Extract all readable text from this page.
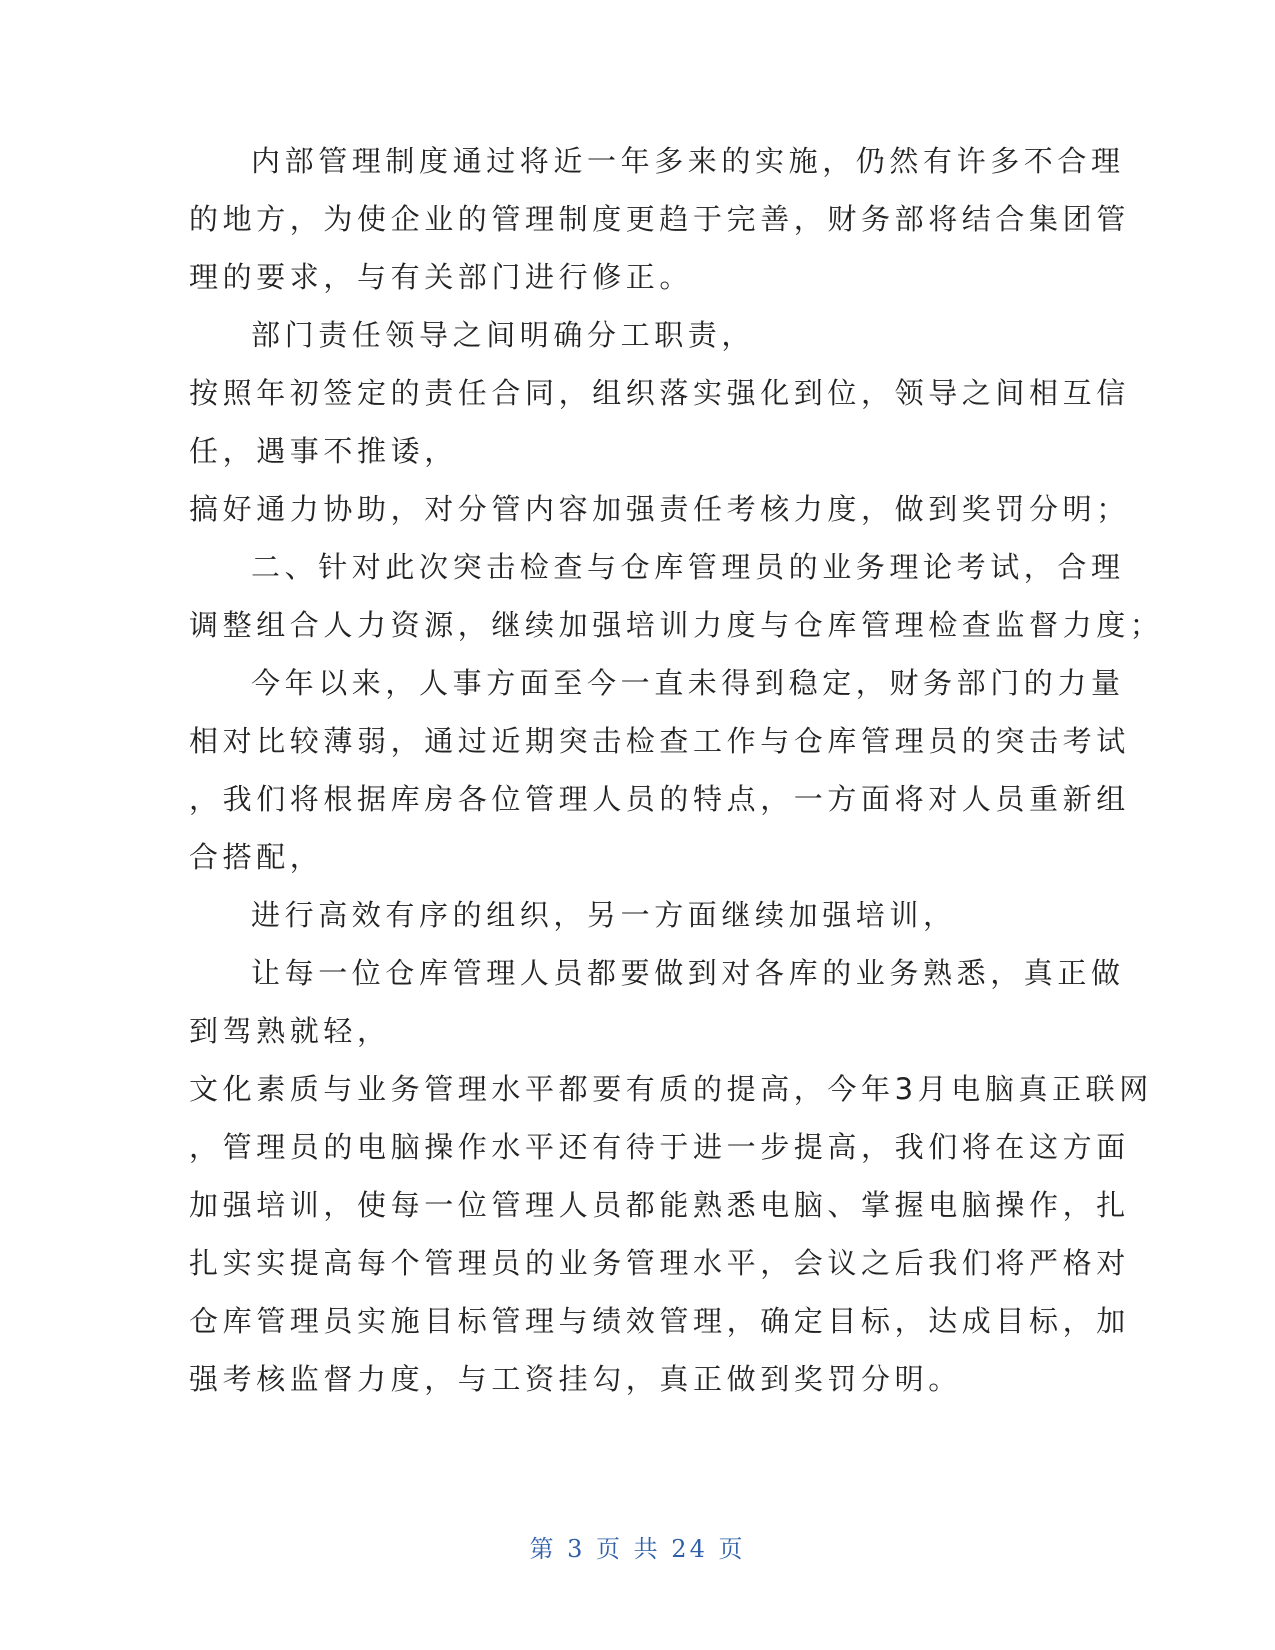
内部管理制度通过将近一年多来的实施，仍然有许多不合理
的地方，为使企业的管理制度更趋于完善，财务部将结合集团管
理的要求，与有关部门进行修正。
部门责任领导之间明确分工职责，
按照年初签定的责任合同，组织落实强化到位，领导之间相互信
任，遇事不推诿，
搞好通力协助，对分管内容加强责任考核力度，做到奖罚分明；
二、针对此次突击检查与仓库管理员的业务理论考试，合理
调整组合人力资源，继续加强培训力度与仓库管理检查监督力度；
今年以来，人事方面至今一直未得到稳定，财务部门的力量
相对比较薄弱，通过近期突击检查工作与仓库管理员的突击考试
，我们将根据库房各位管理人员的特点，一方面将对人员重新组
合搭配，
进行高效有序的组织，另一方面继续加强培训，
让每一位仓库管理人员都要做到对各库的业务熟悉，真正做
到驾熟就轻，
文化素质与业务管理水平都要有质的提高，今年3月电脑真正联网
，管理员的电脑操作水平还有待于进一步提高，我们将在这方面
加强培训，使每一位管理人员都能熟悉电脑、掌握电脑操作，扎
扎实实提高每个管理员的业务管理水平，会议之后我们将严格对
仓库管理员实施目标管理与绩效管理，确定目标，达成目标，加
强考核监督力度，与工资挂勾，真正做到奖罚分明。
第 3 页 共 24 页
